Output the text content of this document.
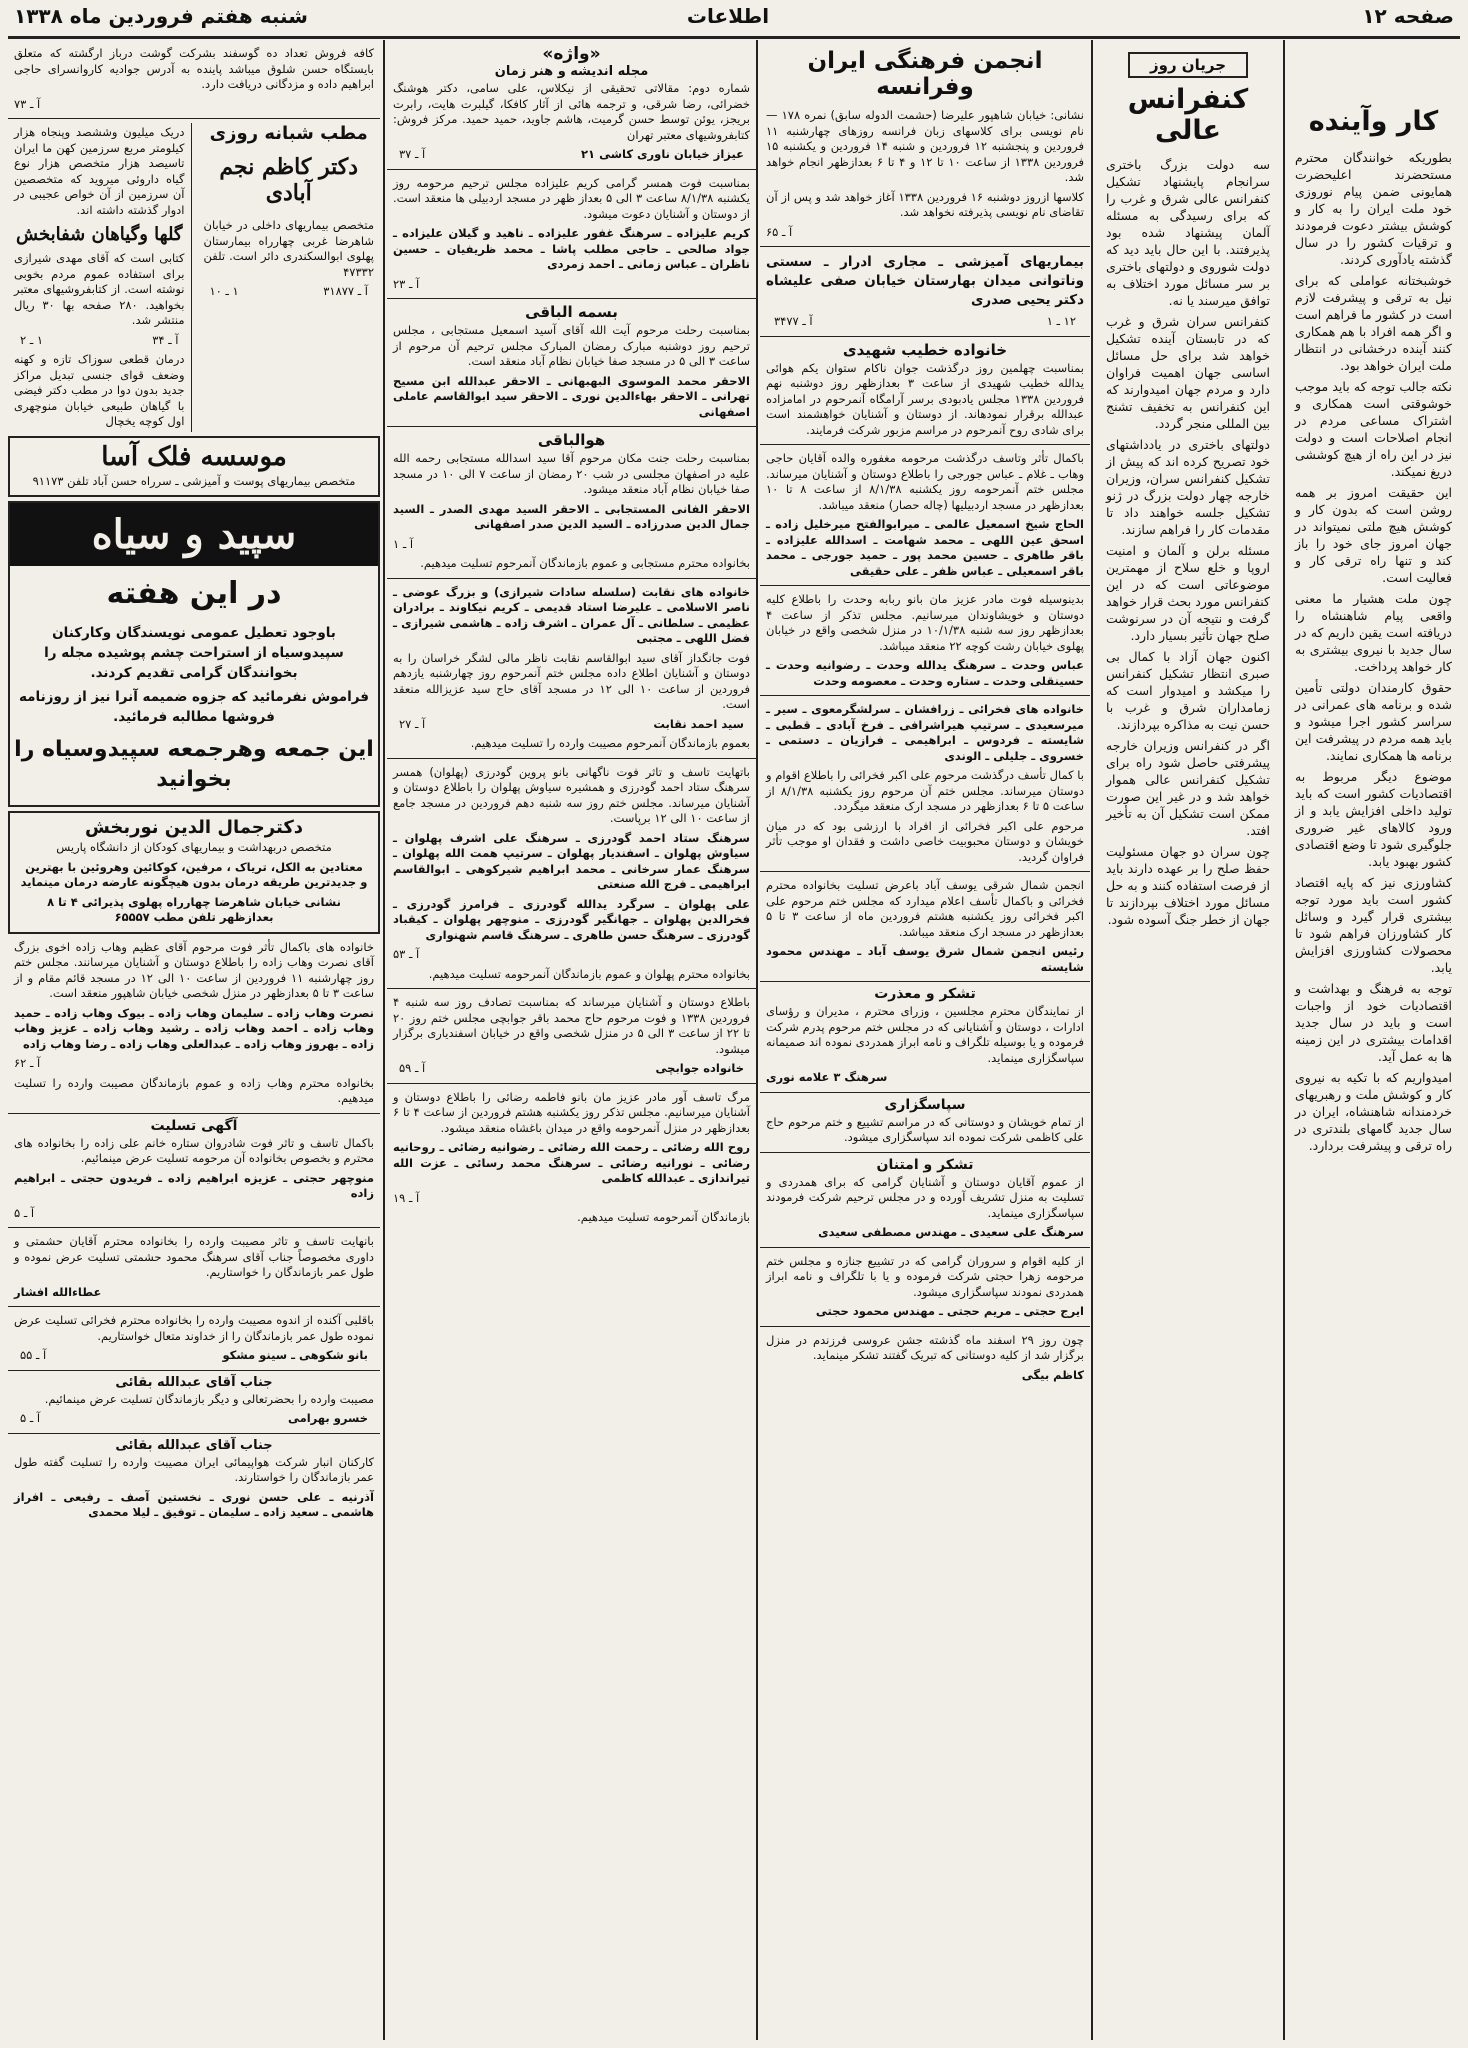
صفحه ۱۲
اطلاعات
شنبه هفتم فروردین ماه ۱۳۳۸
جریان روز
کنفرانس عالی
سه دولت بزرگ باختری سرانجام پایشنهاد تشکیل کنفرانس عالی شرق و غرب را که برای رسیدگی به مسئله آلمان پیشنهاد شده بود پذیرفتند. با این حال باید دید که دولت شوروی و دولتهای باختری بر سر مسائل مورد اختلاف به توافق میرسند یا نه.
کنفرانس سران شرق و غرب که در تابستان آینده تشکیل خواهد شد برای حل مسائل اساسی جهان اهمیت فراوان دارد و مردم جهان امیدوارند که این کنفرانس به تخفیف تشنج بین المللی منجر گردد.
دولتهای باختری در یادداشتهای خود تصریح کرده اند که پیش از تشکیل کنفرانس سران، وزیران خارجه چهار دولت بزرگ در ژنو تشکیل جلسه خواهند داد تا مقدمات کار را فراهم سازند.
مسئله برلن و آلمان و امنیت اروپا و خلع سلاح از مهمترین موضوعاتی است که در این کنفرانس مورد بحث قرار خواهد گرفت و نتیجه آن در سرنوشت صلح جهان تأثیر بسیار دارد.
اکنون جهان آزاد با کمال بی صبری انتظار تشکیل کنفرانس را میکشد و امیدوار است که زمامداران شرق و غرب با حسن نیت به مذاکره بپردازند.
اگر در کنفرانس وزیران خارجه پیشرفتی حاصل شود راه برای تشکیل کنفرانس عالی هموار خواهد شد و در غیر این صورت ممکن است تشکیل آن به تأخیر افتد.
چون سران دو جهان مسئولیت حفظ صلح را بر عهده دارند باید از فرصت استفاده کنند و به حل مسائل مورد اختلاف بپردازند تا جهان از خطر جنگ آسوده شود.
کار وآینده
بطوریکه خوانندگان محترم مستحضرند اعلیحضرت همایونی ضمن پیام نوروزی خود ملت ایران را به کار و کوشش بیشتر دعوت فرمودند و ترقیات کشور را در سال گذشته یادآوری کردند.
خوشبختانه عواملی که برای نیل به ترقی و پیشرفت لازم است در کشور ما فراهم است و اگر همه افراد با هم همکاری کنند آینده درخشانی در انتظار ملت ایران خواهد بود.
نکته جالب توجه که باید موجب خوشوقتی است همکاری و اشتراک مساعی مردم در انجام اصلاحات است و دولت نیز در این راه از هیچ کوششی دریغ نمیکند.
این حقیقت امروز بر همه روشن است که بدون کار و کوشش هیچ ملتی نمیتواند در جهان امروز جای خود را باز کند و تنها راه ترقی کار و فعالیت است.
چون ملت هشیار ما معنی واقعی پیام شاهنشاه را دریافته است یقین داریم که در سال جدید با نیروی بیشتری به کار خواهد پرداخت.
حقوق کارمندان دولتی تأمین شده و برنامه های عمرانی در سراسر کشور اجرا میشود و باید همه مردم در پیشرفت این برنامه ها همکاری نمایند.
موضوع دیگر مربوط به اقتصادیات کشور است که باید تولید داخلی افزایش یابد و از ورود کالاهای غیر ضروری جلوگیری شود تا وضع اقتصادی کشور بهبود یابد.
کشاورزی نیز که پایه اقتصاد کشور است باید مورد توجه بیشتری قرار گیرد و وسائل کار کشاورزان فراهم شود تا محصولات کشاورزی افزایش یابد.
توجه به فرهنگ و بهداشت و اقتصادیات خود از واجبات است و باید در سال جدید اقدامات بیشتری در این زمینه ها به عمل آید.
امیدواریم که با تکیه به نیروی کار و کوشش ملت و رهبریهای خردمندانه شاهنشاه، ایران در سال جدید گامهای بلندتری در راه ترقی و پیشرفت بردارد.
انجمن فرهنگی ایران وفرانسه
نشانی: خیابان شاهپور علیرضا (حشمت الدوله سابق) نمره ۱۷۸ — نام نویسی برای کلاسهای زبان فرانسه روزهای چهارشنبه ۱۱ فروردین و پنجشنبه ۱۲ فروردین و شنبه ۱۴ فروردین و یکشنبه ۱۵ فروردین ۱۳۳۸ از ساعت ۱۰ تا ۱۲ و ۴ تا ۶ بعدازظهر انجام خواهد شد.
کلاسها ازروز دوشنبه ۱۶ فروردین ۱۳۳۸ آغاز خواهد شد و پس از آن تقاضای نام نویسی پذیرفته نخواهد شد.
آ ـ ۶۵
بیماریهای آمیزشی ـ مجاری ادرار ـ سستی وناتوانی میدان بهارستان خیابان صفی علیشاه دکتر یحیی صدری
۱۲ ـ ۱
آ ـ ۳۴۷۷
خانواده خطیب شهیدی
بمناسبت چهلمین روز درگذشت جوان ناکام ستوان یکم هوائی یدالله خطیب شهیدی از ساعت ۳ بعدازظهر روز دوشنبه نهم فروردین ۱۳۳۸ مجلس یادبودی برسر آرامگاه آنمرحوم در امامزاده عبدالله برقرار نمودهاند. از دوستان و آشنایان خواهشمند است برای شادی روح آنمرحوم در مراسم مزبور شرکت فرمایند.
باکمال تأثر وتاسف درگذشت مرحومه مغفوره والده آقایان حاجی وهاب ـ غلام ـ عباس جورجی را باطلاع دوستان و آشنایان میرساند. مجلس ختم آنمرحومه روز یکشنبه ۸/۱/۳۸ از ساعت ۸ تا ۱۰ بعدازظهر در مسجد اردبیلیها (چاله حصار) منعقد میباشد.
الحاج شیخ اسمعیل عالمی ـ میرابوالفتح میرخلیل زاده ـ اسحق عین اللهی ـ محمد شهامت ـ اسدالله علیزاده ـ باقر طاهری ـ حسین محمد پور ـ حمید جورجی ـ محمد باقر اسمعیلی ـ عباس ظفر ـ علی حقیقی
بدینوسیله فوت مادر عزیز مان بانو ربابه وحدت را باطلاع کلیه دوستان و خویشاوندان میرسانیم. مجلس تذکر از ساعت ۴ بعدازظهر روز سه شنبه ۱۰/۱/۳۸ در منزل شخصی واقع در خیابان پهلوی خیابان رشت کوچه ۲۲ منعقد میباشد.
عباس وحدت ـ سرهنگ یدالله وحدت ـ رضوانیه وحدت ـ حسینقلی وحدت ـ ستاره وحدت ـ معصومه وحدت
خانواده های فخرائی ـ زرافشان ـ سرلشگرمعوی ـ سیر ـ میرسعیدی ـ سرتیپ هیراشرافی ـ فرخ آبادی ـ قطبی ـ شایسته ـ فردوس ـ ابراهیمی ـ فرازیان ـ دستمی ـ خسروی ـ جلیلی ـ الوندی
با کمال تأسف درگذشت مرحوم علی اکبر فخرائی را باطلاع اقوام و دوستان میرساند. مجلس ختم آن مرحوم روز یکشنبه ۸/۱/۳۸ از ساعت ۵ تا ۶ بعدازظهر در مسجد ارک منعقد میگردد.
مرحوم علی اکبر فخرائی از افراد با ارزشی بود که در میان خویشان و دوستان محبوبیت خاصی داشت و فقدان او موجب تأثر فراوان گردید.
انجمن شمال شرقی یوسف آباد باعرض تسلیت بخانواده محترم فخرائی و باکمال تأسف اعلام میدارد که مجلس ختم مرحوم علی اکبر فخرائی روز یکشنبه هشتم فروردین ماه از ساعت ۳ تا ۵ بعدازظهر در مسجد ارک منعقد میباشد.
رئیس انجمن شمال شرق یوسف آباد ـ مهندس محمود شایسته
تشکر و معذرت
از نمایندگان محترم مجلسین ، وزرای محترم ، مدیران و رؤسای ادارات ، دوستان و آشنایانی که در مجلس ختم مرحوم پدرم شرکت فرموده و یا بوسیله تلگراف و نامه ابراز همدردی نموده اند صمیمانه سپاسگزاری مینماید.
سرهنگ ۳ علامه نوری
سپاسگزاری
از تمام خویشان و دوستانی که در مراسم تشییع و ختم مرحوم حاج علی کاظمی شرکت نموده اند سپاسگزاری میشود.
تشکر و امتنان
از عموم آقایان دوستان و آشنایان گرامی که برای همدردی و تسلیت به منزل تشریف آورده و در مجلس ترحیم شرکت فرمودند سپاسگزاری مینماید.
سرهنگ علی سعیدی ـ مهندس مصطفی سعیدی
از کلیه اقوام و سروران گرامی که در تشییع جنازه و مجلس ختم مرحومه زهرا حجتی شرکت فرموده و یا با تلگراف و نامه ابراز همدردی نمودند سپاسگزاری میشود.
ایرج حجتی ـ مریم حجتی ـ مهندس محمود حجتی
چون روز ۲۹ اسفند ماه گذشته جشن عروسی فرزندم در منزل برگزار شد از کلیه دوستانی که تبریک گفتند تشکر مینماید.
کاظم بیگی
«واژه»
مجله اندیشه و هنر زمان
شماره دوم: مقالاتی تحقیقی از نیکلاس، علی سامی، دکتر هوشنگ خضرائی، رضا شرقی، و ترجمه هائی از آثار کافکا، گیلبرت هایت، رابرت بریجز، یوئن توسط حسن گرمیت، هاشم جاوید، حمید حمید. مرکز فروش: کتابفروشیهای معتبر تهران
عیزاز خیابان ناوری کاشی ۲۱
آ ـ ۳۷
بمناسبت فوت همسر گرامی کریم علیزاده مجلس ترحیم مرحومه روز یکشنبه ۸/۱/۳۸ ساعت ۳ الی ۵ بعداز ظهر در مسجد اردبیلی ها منعقد است. از دوستان و آشنایان دعوت میشود.
کریم علیزاده ـ سرهنگ غفور علیزاده ـ ناهید و گیلان علیزاده ـ جواد صالحی ـ حاجی مطلب پاشا ـ محمد ظریفیان ـ حسین ناظران ـ عباس زمانی ـ احمد زمردی
آ ـ ۲۳
بسمه الباقی
بمناسبت رحلت مرحوم آیت الله آقای آسید اسمعیل مستجابی ، مجلس ترحیم روز دوشنبه مبارک رمضان المبارک مجلس ترحیم آن مرحوم از ساعت ۳ الی ۵ در مسجد صفا خیابان نظام آباد منعقد است.
الاحقر محمد الموسوی البهبهانی ـ الاحقر عبدالله ابن مسیح تهرانی ـ الاحقر بهاءالدین نوری ـ الاحقر سید ابوالقاسم عاملی اصفهانی
هوالباقی
بمناسبت رحلت جنت مکان مرحوم آقا سید اسدالله مستجابی رحمه الله علیه در اصفهان مجلسی در شب ۲۰ رمضان از ساعت ۷ الی ۱۰ در مسجد صفا خیابان نظام آباد منعقد میشود.
الاحقر الفانی المستجابی ـ الاحقر السید مهدی الصدر ـ السید جمال الدین صدرزاده ـ السید الدین صدر اصفهانی
آ ـ ۱
بخانواده محترم مستجابی و عموم بازماندگان آنمرحوم تسلیت میدهیم.
خانواده های نقابت (سلسله سادات شیرازی) و بزرگ عوضی ـ ناصر الاسلامی ـ علیرضا استاد قدیمی ـ کریم نیکاوند ـ برادران عظیمی ـ سلطانی ـ آل عمران ـ اشرف زاده ـ هاشمی شیرازی ـ فضل اللهی ـ مجتبی
فوت جانگداز آقای سید ابوالقاسم نقابت ناظر مالی لشگر خراسان را به دوستان و آشنایان اطلاع داده مجلس ختم آنمرحوم روز چهارشنبه یازدهم فروردین از ساعت ۱۰ الی ۱۲ در مسجد آقای حاج سید عزیزالله منعقد است.
سید احمد نقابت
آ ـ ۲۷
بعموم بازماندگان آنمرحوم مصیبت وارده را تسلیت میدهیم.
باتهایت تاسف و تاثر فوت ناگهانی بانو پروین گودرزی (پهلوان) همسر سرهنگ ستاد احمد گودرزی و همشیره سیاوش پهلوان را باطلاع دوستان و آشنایان میرساند. مجلس ختم روز سه شنبه دهم فروردین در مسجد جامع از ساعت ۱۰ الی ۱۲ برپاست.
سرهنگ ستاد احمد گودرزی ـ سرهنگ علی اشرف پهلوان ـ سیاوش پهلوان ـ اسفندیار پهلوان ـ سرتیپ همت الله پهلوان ـ سرهنگ عمار سرخانی ـ محمد ابراهیم شیرکوهی ـ ابوالقاسم ابراهیمی ـ فرج الله صنعتی
علی پهلوان ـ سرگرد یدالله گودرزی ـ فرامرز گودرزی ـ فخرالدین پهلوان ـ جهانگیر گودرزی ـ منوچهر پهلوان ـ کیقباد گودرزی ـ سرهنگ حسن طاهری ـ سرهنگ قاسم شهنواری
آ ـ ۵۳
بخانواده محترم پهلوان و عموم بازماندگان آنمرحومه تسلیت میدهیم.
باطلاع دوستان و آشنایان میرساند که بمناسبت تصادف روز سه شنبه ۴ فروردین ۱۳۳۸ و فوت مرحوم حاج محمد باقر جوابچی مجلس ختم روز ۲۰ تا ۲۲ از ساعت ۳ الی ۵ در منزل شخصی واقع در خیابان اسفندیاری برگزار میشود.
خانواده جوابچی
آ ـ ۵۹
مرگ تاسف آور مادر عزیز مان بانو فاطمه رضائی را باطلاع دوستان و آشنایان میرسانیم. مجلس تذکر روز یکشنبه هشتم فروردین از ساعت ۴ تا ۶ بعدازظهر در منزل آنمرحومه واقع در میدان باغشاه منعقد میشود.
روح الله رضائی ـ رحمت الله رضائی ـ رضوانیه رضائی ـ روحانیه رضائی ـ نورانیه رضائی ـ سرهنگ محمد رسائی ـ عزت الله تیراندازی ـ عبدالله کاظمی
آ ـ ۱۹
بازماندگان آنمرحومه تسلیت میدهیم.
کافه فروش تعداد ده گوسفند بشرکت گوشت درباز ارگشته که متعلق بایستگاه حسن شلوق میباشد پاینده به آدرس جوادیه کاروانسرای حاجی ابراهیم داده و مزدگانی دریافت دارد.
آ ـ ۷۳
مطب شبانه روزی
دکتر کاظم نجم آبادی
متخصص بیماریهای داخلی در خیابان شاهرضا غربی چهارراه بیمارستان پهلوی ابوالسکندری دائر است. تلفن ۴۷۳۳۲
آ ـ ۳۱۸۷۷
۱ ـ ۱۰
دریک میلیون وششصد وپنجاه هزار کیلومتر مربع سرزمین کهن ما ایران تاسیصد هزار متخصص هزار نوع گیاه داروئی میروید که متخصصین آن سرزمین از آن خواص عجیبی در ادوار گذشته داشته اند.
گلها وگیاهان شفابخش
کتابی است که آقای مهدی شیرازی برای استفاده عموم مردم بخوبی نوشته است. از کتابفروشیهای معتبر بخواهید. ۲۸۰ صفحه بها ۳۰ ریال منتشر شد.
آ ـ ۳۴
۱ ـ ۲
درمان قطعی سوزاک تازه و کهنه وضعف قوای جنسی تبدیل مراکز جدید بدون دوا در مطب دکتر فیضی با گیاهان طبیعی خیابان منوچهری اول کوچه یخچال
موسسه فلک آسا
متخصص بیماریهای پوست و آمیزشی ـ سرراه حسن آباد تلفن ۹۱۱۷۳
سپید و سیاه
در این هفته
باوجود تعطیل عمومی نویسندگان وکارکنان سپیدوسیاه از استراحت چشم پوشیده مجله را بخوانندگان گرامی تقدیم کردند.
فراموش نفرمائید که جزوه ضمیمه آنرا نیز از روزنامه فروشها مطالبه فرمائید.
این جمعه وهرجمعه سپیدوسیاه را بخوانید
دکترجمال الدین نوربخش
متخصص دربهداشت و بیماریهای کودکان از دانشگاه پاریس
معتادین به الکل، تریاک ، مرفین، کوکائین وهروئین با بهترین و جدیدترین طریقه درمان بدون هیچگونه عارضه درمان مینماید
نشانی خیابان شاهرضا چهارراه پهلوی پذیرائی ۴ تا ۸ بعدازظهر تلفن مطب ۶۵۵۵۷
خانواده های باکمال تأثر فوت مرحوم آقای عظیم وهاب زاده اخوی بزرگ آقای نصرت وهاب زاده را باطلاع دوستان و آشنایان میرسانند. مجلس ختم روز چهارشنبه ۱۱ فروردین از ساعت ۱۰ الی ۱۲ در مسجد قائم مقام و از ساعت ۳ تا ۵ بعدازظهر در منزل شخصی خیابان شاهپور منعقد است.
نصرت وهاب زاده ـ سلیمان وهاب زاده ـ بیوک وهاب زاده ـ حمید وهاب زاده ـ احمد وهاب زاده ـ رشید وهاب زاده ـ عزیز وهاب زاده ـ بهروز وهاب زاده ـ عبدالعلی وهاب زاده ـ رضا وهاب زاده
آ ـ ۶۲
بخانواده محترم وهاب زاده و عموم بازماندگان مصیبت وارده را تسلیت میدهیم.
آگهی تسلیت
باکمال تاسف و تاثر فوت شادروان ستاره خانم علی زاده را بخانواده های محترم و بخصوص بخانواده آن مرحومه تسلیت عرض مینمائیم.
منوچهر حجتی ـ عزیزه ابراهیم زاده ـ فریدون حجتی ـ ابراهیم زاده
آ ـ ۵
بانهایت تاسف و تاثر مصیبت وارده را بخانواده محترم آقایان حشمتی و داوری مخصوصاً جناب آقای سرهنگ محمود حشمتی تسلیت عرض نموده و طول عمر بازماندگان را خواستاریم.
عطاءالله افشار
باقلبی آکنده از اندوه مصیبت وارده را بخانواده محترم فخرائی تسلیت عرض نموده طول عمر بازماندگان را از خداوند متعال خواستاریم.
بانو شکوهی ـ سینو مشکو
آ ـ ۵۵
جناب آقای عبدالله بقائی
مصیبت وارده را بحضرتعالی و دیگر بازماندگان تسلیت عرض مینمائیم.
خسرو بهرامی
آ ـ ۵
جناب آقای عبدالله بقائی
کارکنان انبار شرکت هواپیمائی ایران مصیبت وارده را تسلیت گفته طول عمر بازماندگان را خواستارند.
آذرنیه ـ علی حسن نوری ـ نخستین آصف ـ رفیعی ـ افراز هاشمی ـ سعید زاده ـ سلیمان ـ توفیق ـ لیلا محمدی
